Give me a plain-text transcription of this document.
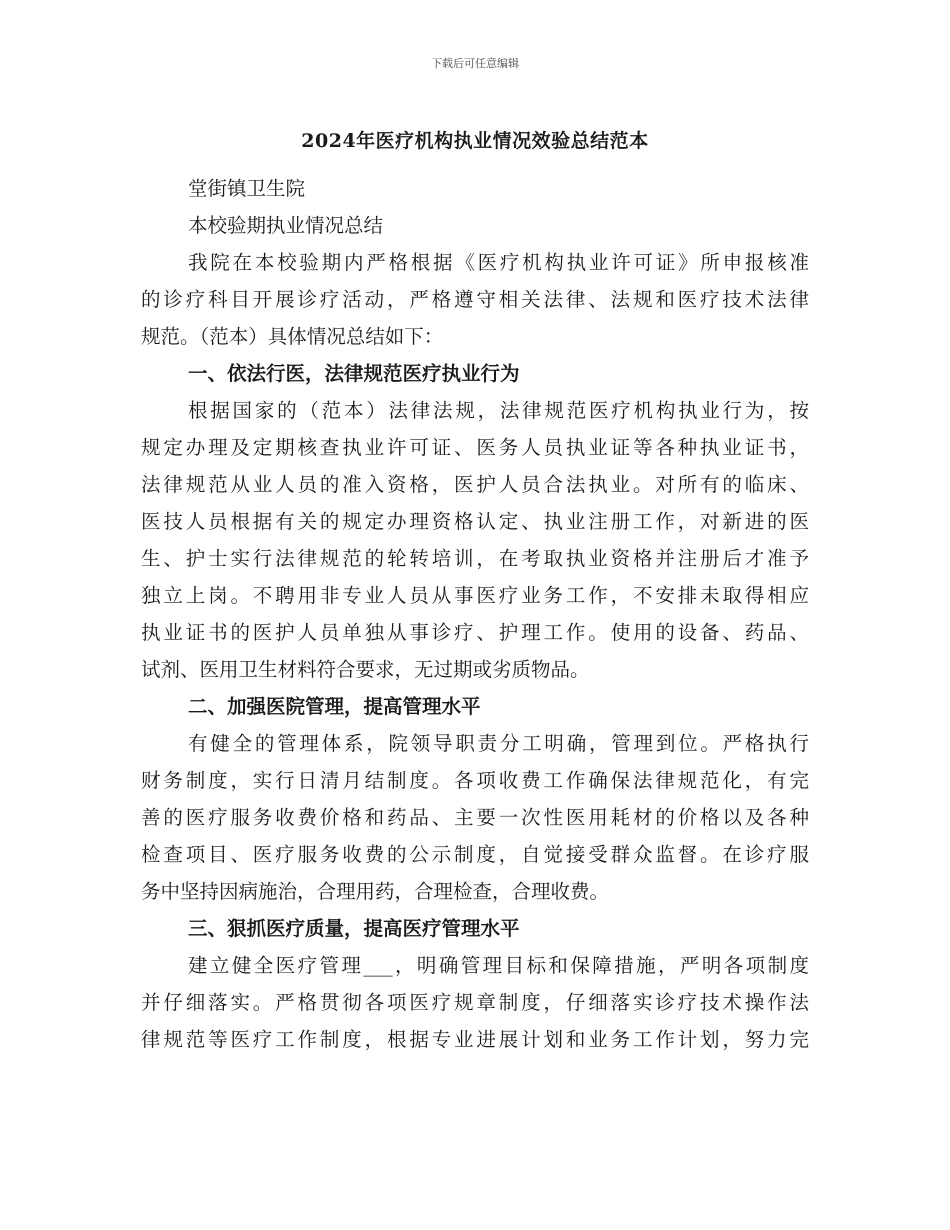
下载后可任意编辑
2024年医疗机构执业情况效验总结范本
堂街镇卫生院
本校验期执业情况总结
我院在本校验期内严格根据《医疗机构执业许可证》所申报核准
的诊疗科目开展诊疗活动，严格遵守相关法律、法规和医疗技术法律
规范。（范本）具体情况总结如下：
一、依法行医，法律规范医疗执业行为
根据国家的（范本）法律法规，法律规范医疗机构执业行为，按
规定办理及定期核查执业许可证、医务人员执业证等各种执业证书，
法律规范从业人员的准入资格，医护人员合法执业。对所有的临床、
医技人员根据有关的规定办理资格认定、执业注册工作，对新进的医
生、护士实行法律规范的轮转培训，在考取执业资格并注册后才准予
独立上岗。不聘用非专业人员从事医疗业务工作，不安排未取得相应
执业证书的医护人员单独从事诊疗、护理工作。使用的设备、药品、
试剂、医用卫生材料符合要求，无过期或劣质物品。
二、加强医院管理，提高管理水平
有健全的管理体系，院领导职责分工明确，管理到位。严格执行
财务制度，实行日清月结制度。各项收费工作确保法律规范化，有完
善的医疗服务收费价格和药品、主要一次性医用耗材的价格以及各种
检查项目、医疗服务收费的公示制度，自觉接受群众监督。在诊疗服
务中坚持因病施治，合理用药，合理检查，合理收费。
三、狠抓医疗质量，提高医疗管理水平
建立健全医疗管理___，明确管理目标和保障措施，严明各项制度
并仔细落实。严格贯彻各项医疗规章制度，仔细落实诊疗技术操作法
律规范等医疗工作制度，根据专业进展计划和业务工作计划，努力完
